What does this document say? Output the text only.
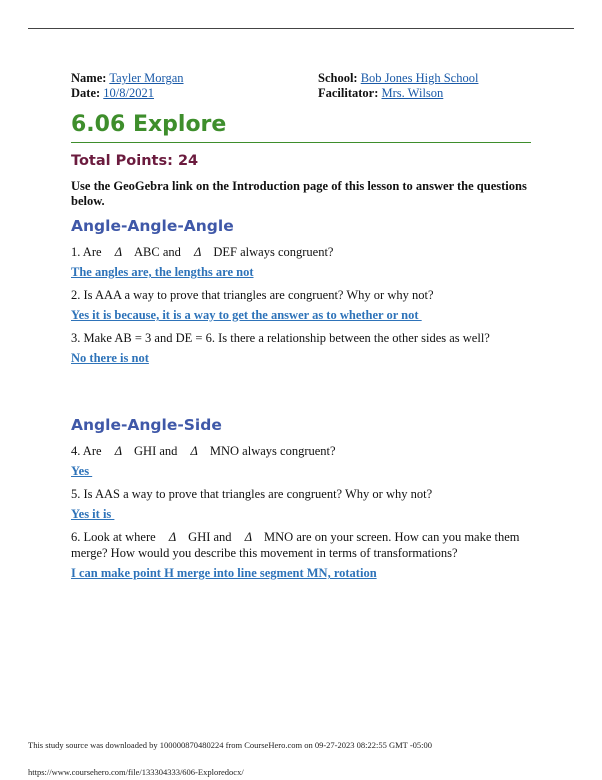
Name: Tayler Morgan
Date: 10/8/2021
School: Bob Jones High School
Facilitator: Mrs. Wilson
6.06 Explore
Total Points: 24

Use the GeoGebra link on the Introduction page of this lesson to answer the questions below.

Angle-Angle-Angle

1. Are Δ ABC and Δ DEF always congruent?

The angles are, the lengths are not

2. Is AAA a way to prove that triangles are congruent? Why or why not?

Yes it is because, it is a way to get the answer as to whether or not

3. Make AB = 3 and DE = 6. Is there a relationship between the other sides as well?

No there is not

Angle-Angle-Side

4. Are Δ GHI and Δ MNO always congruent?

Yes

5. Is AAS a way to prove that triangles are congruent? Why or why not?

Yes it is

6. Look at where Δ GHI and Δ MNO are on your screen. How can you make them
merge? How would you describe this movement in terms of transformations?

I can make point H merge into line segment MN, rotation

This study source was downloaded by 100000870480224 from CourseHero.com on 09-27-2023 08:22:55 GMT -05:00
https://www.coursehero.com/file/133304333/606-Exploredocx/
